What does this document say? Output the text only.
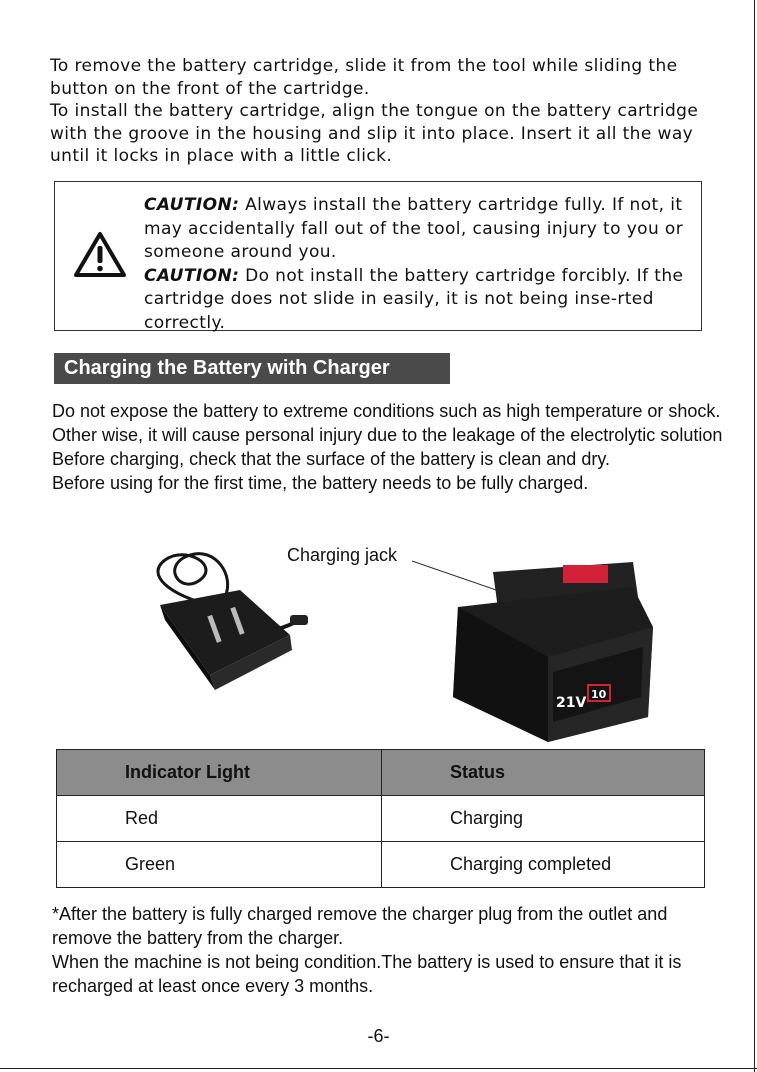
To remove the battery cartridge, slide it from the tool while sliding the button on the front of the cartridge.

To install the battery cartridge, align the tongue on the battery cartridge with the groove in the housing and slip it into place. Insert it all the way until it locks in place with a little click.

CAUTION: Always install the battery cartridge fully. If not, it may accidentally fall out of the tool, causing injury to you or someone around you.

CAUTION: Do not install the battery cartridge forcibly. If the cartridge does not slide in easily, it is not being inse-rted correctly.

Charging the Battery with Charger

Do not expose the battery to extreme conditions such as high temperature or shock. Other wise, it will cause personal injury due to the leakage of the electrolytic solution

Before charging, check that the surface of the battery is clean and dry.

Before using for the first time, the battery needs to be fully charged.

Charging jack
21V
10
Indicator Light	Status
Red	Charging
Green	Charging completed

*After the battery is fully charged remove the charger plug from the outlet and remove the battery from the charger.

When the machine is not being condition.The battery is used to ensure that it is recharged at least once every 3 months.

-6-
